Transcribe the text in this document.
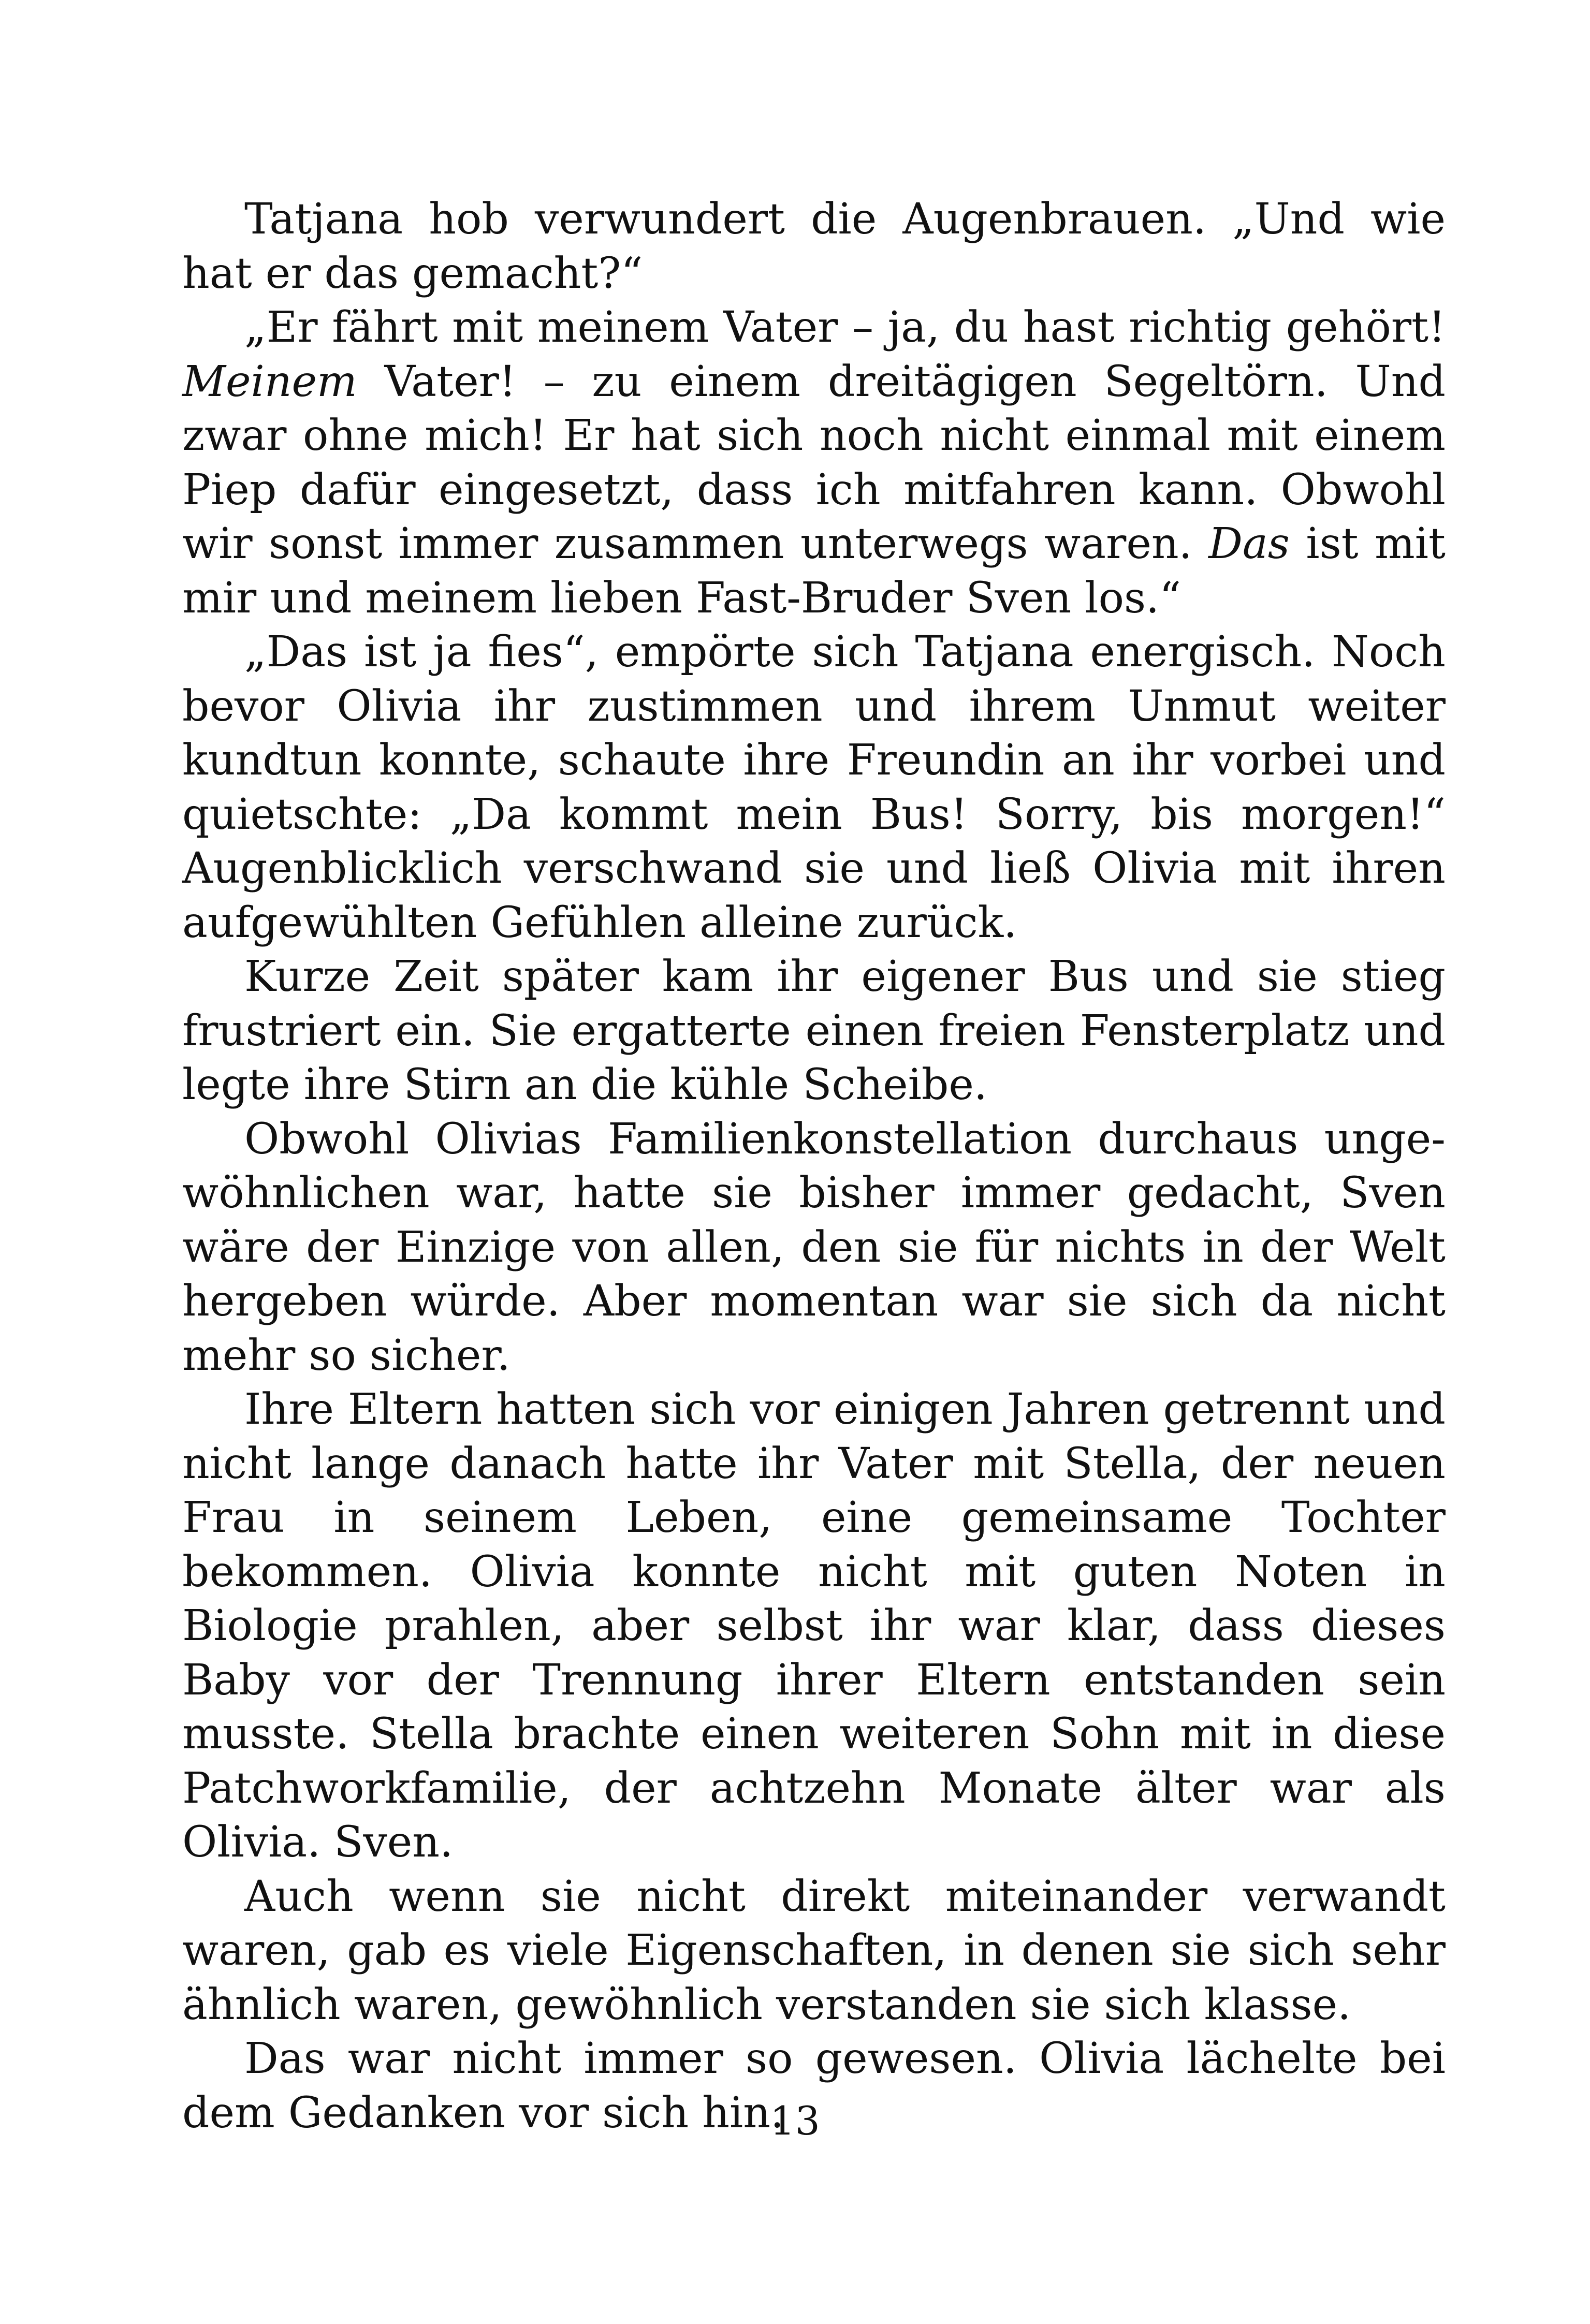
Tatjana hob verwundert die Augenbrauen. „Und wie hat er das gemacht?“

„Er fährt mit meinem Vater – ja, du hast richtig gehört! Meinem Vater! – zu einem dreitägigen Segeltörn. Und zwar ohne mich! Er hat sich noch nicht einmal mit einem Piep dafür eingesetzt, dass ich mitfahren kann. Obwohl wir sonst immer zusammen unterwegs waren. Das ist mit mir und meinem lieben Fast-Bruder Sven los.“

„Das ist ja fies“, empörte sich Tatjana energisch. Noch bevor Olivia ihr zustimmen und ihrem Unmut weiter kundtun konnte, schaute ihre Freundin an ihr vorbei und quietschte: „Da kommt mein Bus! Sorry, bis morgen!“ Augenblicklich verschwand sie und ließ Olivia mit ihren aufgewühlten Gefühlen alleine zurück.

Kurze Zeit später kam ihr eigener Bus und sie stieg frustriert ein. Sie ergatterte einen freien Fensterplatz und legte ihre Stirn an die kühle Scheibe.

Obwohl Olivias Familienkonstellation durchaus ungewöhnlichen war, hatte sie bisher immer gedacht, Sven wäre der Einzige von allen, den sie für nichts in der Welt hergeben würde. Aber momentan war sie sich da nicht mehr so sicher.

Ihre Eltern hatten sich vor einigen Jahren getrennt und nicht lange danach hatte ihr Vater mit Stella, der neuen Frau in seinem Leben, eine gemeinsame Tochter bekommen. Olivia konnte nicht mit guten Noten in Biologie prahlen, aber selbst ihr war klar, dass dieses Baby vor der Trennung ihrer Eltern entstanden sein musste. Stella brachte einen weiteren Sohn mit in diese Patchworkfamilie, der achtzehn Monate älter war als Olivia. Sven.

Auch wenn sie nicht direkt miteinander verwandt waren, gab es viele Eigenschaften, in denen sie sich sehr ähnlich waren, gewöhnlich verstanden sie sich klasse.

Das war nicht immer so gewesen. Olivia lächelte bei dem Gedanken vor sich hin.

13
